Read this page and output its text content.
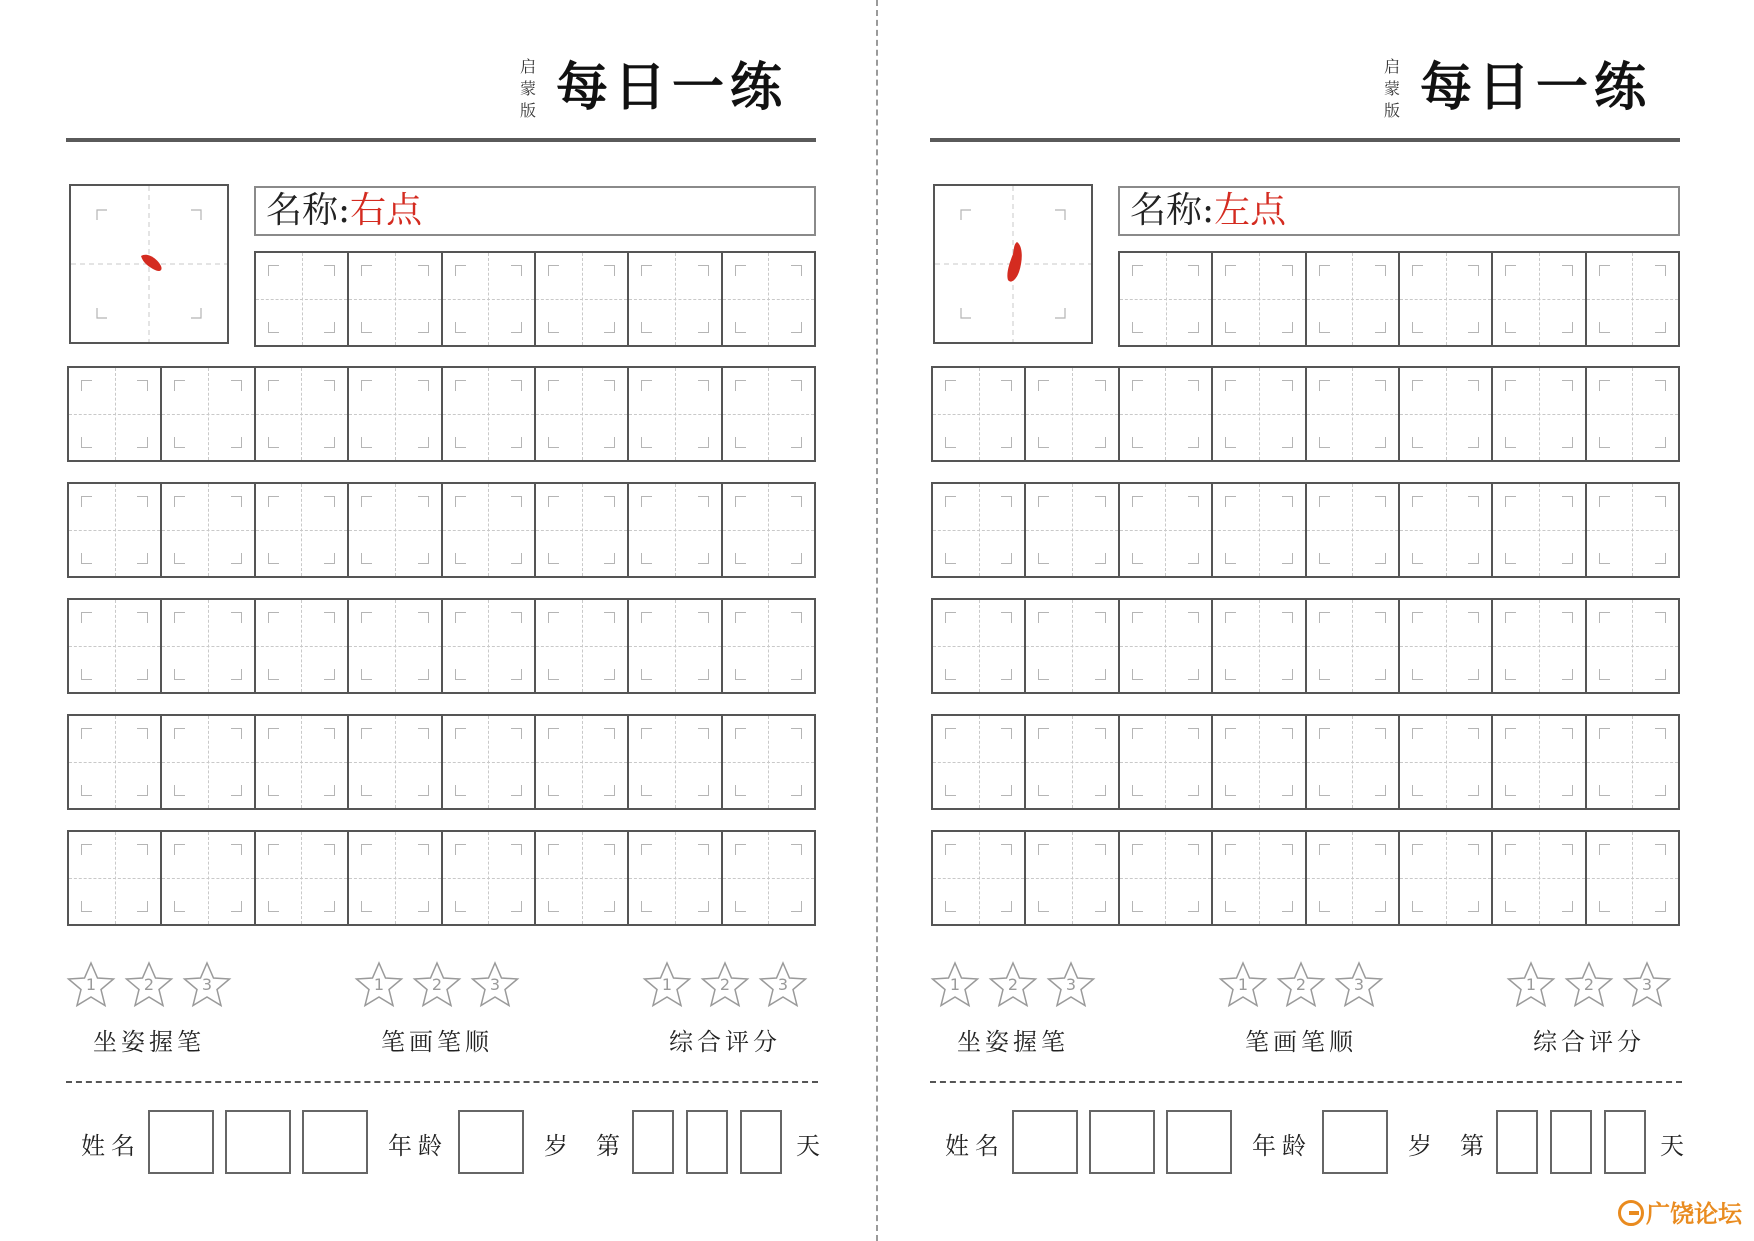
启
蒙
版 每日一练
名称:右点
1	2	3
坐姿握笔
1	2	3
笔画笔顺
1	2	3
综合评分
姓名	年龄	岁 第	天
启
蒙
版 每日一练
名称:左点
1	2	3
坐姿握笔
1	2	3
笔画笔顺
1	2	3
综合评分
姓名	年龄	岁 第	天
广饶论坛
